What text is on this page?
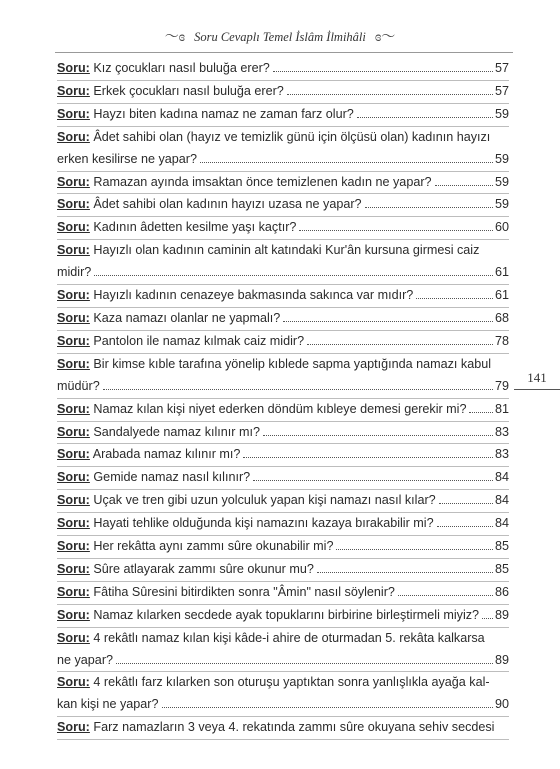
〜ɞ Soru Cevaplı Temel İslâm İlmihâli ɞ〜
Soru: Kız çocukları nasıl buluğa erer?	57
Soru: Erkek çocukları nasıl buluğa erer?	57
Soru: Hayzı biten kadına namaz ne zaman farz olur?	59
Soru: Âdet sahibi olan (hayız ve temizlik günü için ölçüsü olan) kadının hayızı
erken kesilirse ne yapar?	59
Soru: Ramazan ayında imsaktan önce temizlenen kadın ne yapar?	59
Soru: Âdet sahibi olan kadının hayızı uzasa ne yapar?	59
Soru: Kadının âdetten kesilme yaşı kaçtır?	60
Soru: Hayızlı olan kadının caminin alt katındaki Kur'ân kursuna girmesi caiz
midir?	61
Soru: Hayızlı kadının cenazeye bakmasında sakınca var mıdır?	61
Soru: Kaza namazı olanlar ne yapmalı?	68
Soru: Pantolon ile namaz kılmak caiz midir?	78
Soru: Bir kimse kıble tarafına yönelip kıblede sapma yaptığında namazı kabul
müdür?	79
Soru: Namaz kılan kişi niyet ederken döndüm kıbleye demesi gerekir mi? 81
Soru: Sandalyede namaz kılınır mı?	83
Soru: Arabada namaz kılınır mı?	83
Soru: Gemide namaz nasıl kılınır?	84
Soru: Uçak ve tren gibi uzun yolculuk yapan kişi namazı nasıl kılar?	84
Soru: Hayati tehlike olduğunda kişi namazını kazaya bırakabilir mi?	84
Soru: Her rekâtta aynı zammı sûre okunabilir mi?	85
Soru: Sûre atlayarak zammı sûre okunur mu?	85
Soru: Fâtiha Sûresini bitirdikten sonra "Âmin" nasıl söylenir?	86
Soru: Namaz kılarken secdede ayak topuklarını birbirine birleştirmeli miyiz? 89
Soru: 4 rekâtlı namaz kılan kişi kâde-i ahire de oturmadan 5. rekâta kalkarsa
ne yapar?	89
Soru: 4 rekâtlı farz kılarken son oturuşu yaptıktan sonra yanlışlıkla ayağa kal-
kan kişi ne yapar?	90
Soru: Farz namazların 3 veya 4. rekatında zammı sûre okuyana sehiv secdesi
141
